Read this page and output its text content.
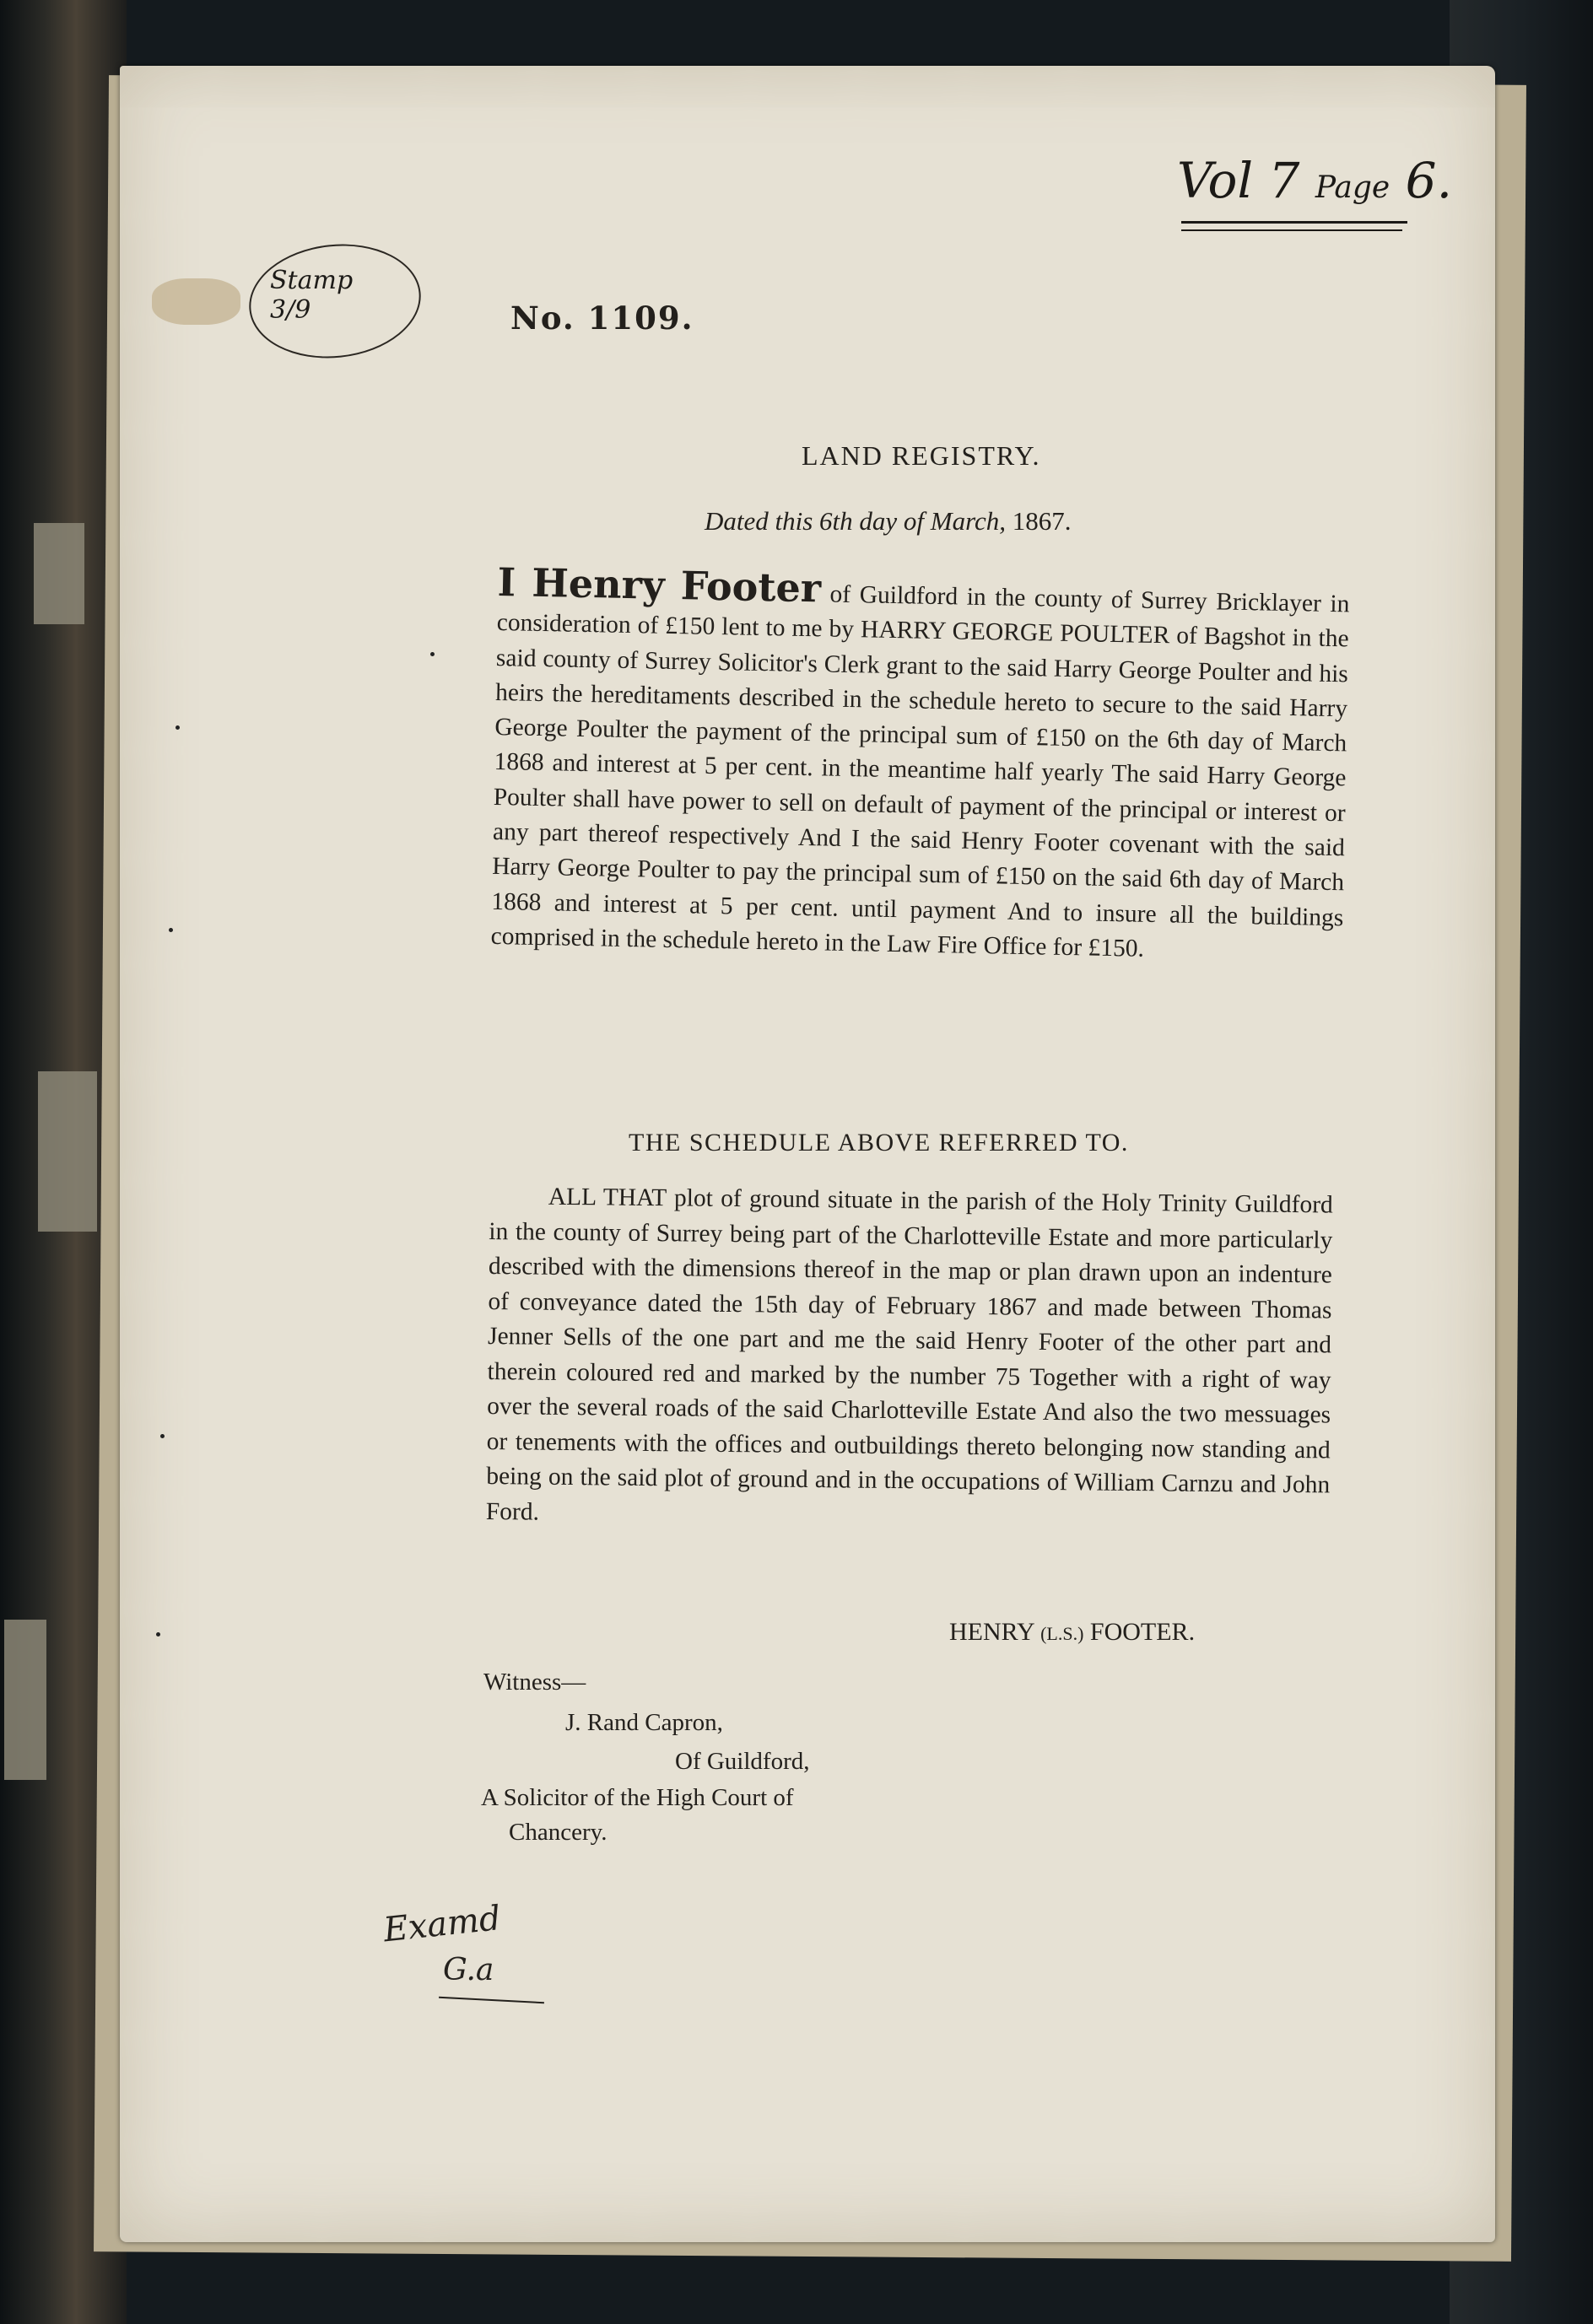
Vol 7 Page 6.
Stamp 3/9	No. 1109.
LAND REGISTRY.
Dated this 6th day of March, 1867.
I Henry Footer of Guildford in the county of Surrey Bricklayer in consideration of £150 lent to me by HARRY GEORGE POULTER of Bagshot in the said county of Surrey Solicitor's Clerk grant to the said Harry George Poulter and his heirs the hereditaments described in the schedule hereto to secure to the said Harry George Poulter the payment of the principal sum of £150 on the 6th day of March 1868 and interest at 5 per cent. in the meantime half yearly The said Harry George Poulter shall have power to sell on default of payment of the principal or interest or any part thereof respectively And I the said Henry Footer covenant with the said Harry George Poulter to pay the principal sum of £150 on the said 6th day of March 1868 and interest at 5 per cent. until payment And to insure all the buildings comprised in the schedule hereto in the Law Fire Office for £150.
THE SCHEDULE ABOVE REFERRED TO.
ALL THAT plot of ground situate in the parish of the Holy Trinity Guildford in the county of Surrey being part of the Charlotteville Estate and more particularly described with the dimensions thereof in the map or plan drawn upon an indenture of conveyance dated the 15th day of February 1867 and made between Thomas Jenner Sells of the one part and me the said Henry Footer of the other part and therein coloured red and marked by the number 75 Together with a right of way over the several roads of the said Charlotteville Estate And also the two messuages or tenements with the offices and outbuildings thereto belonging now standing and being on the said plot of ground and in the occupations of William Carnzu and John Ford.
HENRY (L.S.) FOOTER.
Witness—
J. Rand Capron,
Of Guildford,
A Solicitor of the High Court of
Chancery.
Examd
G.a
